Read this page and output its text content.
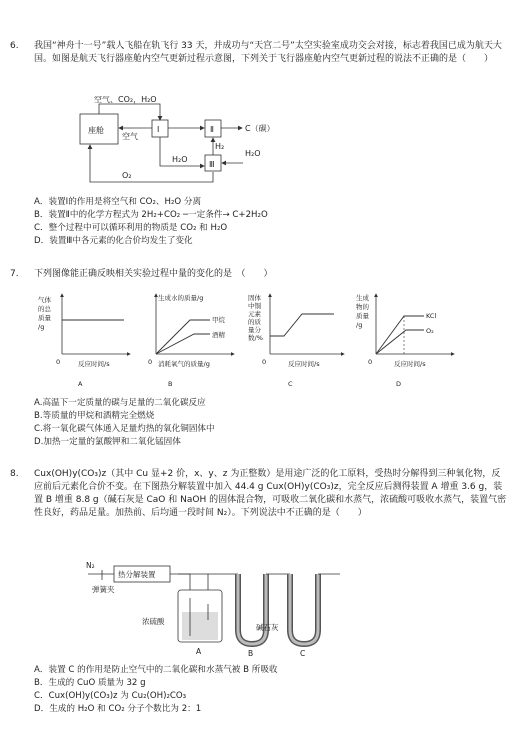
6. 我国“神舟十一号”载人飞船在轨飞行 33 天，并成功与“天宫二号”太空实验室成功交会对接，标志着我国已成为航天大国。如图是航天飞行器座舱内空气更新过程示意图，下列关于飞行器座舱内空气更新过程的说法不正确的是（　　）
座舱	Ⅰ	Ⅱ
Ⅲ
空气、CO₂，H₂O
空气
C（碳）
H₂O
H₂
O₂
H₂O
A．装置Ⅰ的作用是将空气和 CO₂、H₂O 分离
B．装置Ⅱ中的化学方程式为 2H₂+CO₂ ─一定条件→ C+2H₂O
C．整个过程中可以循环利用的物质是 CO₂ 和 H₂O
D．装置Ⅲ中各元素的化合价均发生了变化
7. 下列图像能正确反映相关实验过程中量的变化的是　（　　）
气体
的总
质量
/g
0	反应时间/s
A
生成水的质量/g
甲烷
酒精
0 消耗氧气的质量/g
B
固体
中铜
元素
的质
量分
数/%
0	反应时间/s
C
生成
物的
质量
/g
KCl
O₂
0	反应时间/s
D
A.高温下一定质量的碳与足量的二氧化碳反应
B.等质量的甲烷和酒精完全燃烧
C.将一氧化碳气体通入足量灼热的氧化铜固体中
D.加热一定量的氯酸钾和二氧化锰固体
8. Cux(OH)y(CO₃)z（其中 Cu 显+2 价，x、y、z 为正整数）是用途广泛的化工原料，受热时分解得到三种氧化物，反应前后元素化合价不变。在下图热分解装置中加入 44.4 g Cux(OH)y(CO₃)z，完全反应后测得装置 A 增重 3.6 g，装置 B 增重 8.8 g（碱石灰是 CaO 和 NaOH 的固体混合物，可吸收二氧化碳和水蒸气，浓硫酸可吸收水蒸气，装置气密性良好，药品足量。加热前、后均通一段时间 N₂）。下列说法中不正确的是（　　）
N₂
热分解装置
弹簧夹
浓硫酸
碱石灰
A	B	C
A．装置 C 的作用是防止空气中的二氧化碳和水蒸气被 B 所吸收
B．生成的 CuO 质量为 32 g
C．Cux(OH)y(CO₃)z 为 Cu₂(OH)₂CO₃
D．生成的 H₂O 和 CO₂ 分子个数比为 2：1
